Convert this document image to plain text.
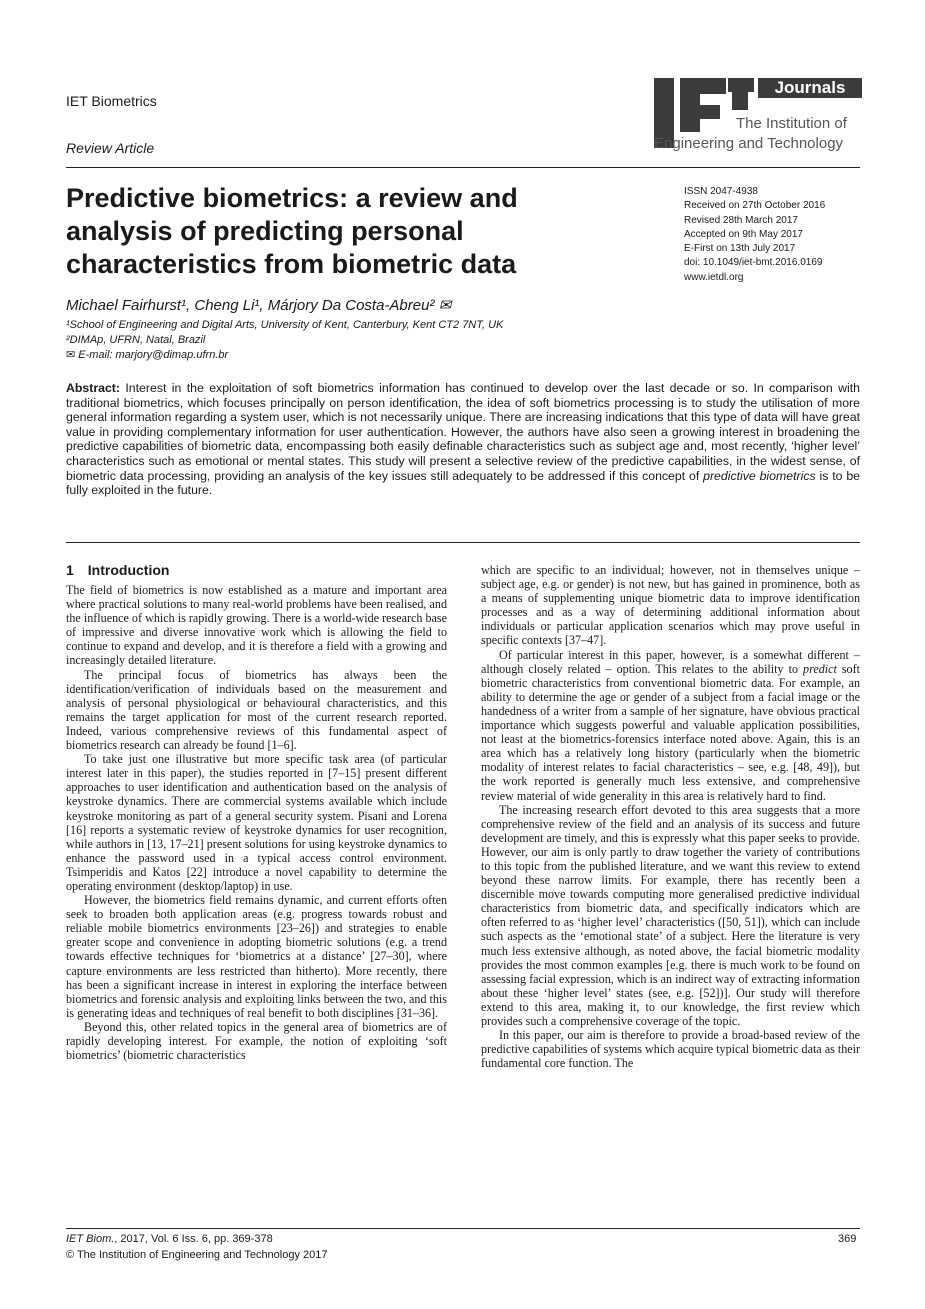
IET Biometrics
Review Article
Journals
The Institution of
Engineering and Technology
Predictive biometrics: a review and analysis of predicting personal characteristics from biometric data
ISSN 2047-4938
Received on 27th October 2016
Revised 28th March 2017
Accepted on 9th May 2017
E-First on 13th July 2017
doi: 10.1049/iet-bmt.2016.0169
www.ietdl.org
Michael Fairhurst¹, Cheng Li¹, Márjory Da Costa-Abreu² ✉
¹School of Engineering and Digital Arts, University of Kent, Canterbury, Kent CT2 7NT, UK
²DIMAp, UFRN, Natal, Brazil
✉ E-mail: marjory@dimap.ufrn.br
Abstract: Interest in the exploitation of soft biometrics information has continued to develop over the last decade or so. In comparison with traditional biometrics, which focuses principally on person identification, the idea of soft biometrics processing is to study the utilisation of more general information regarding a system user, which is not necessarily unique. There are increasing indications that this type of data will have great value in providing complementary information for user authentication. However, the authors have also seen a growing interest in broadening the predictive capabilities of biometric data, encompassing both easily definable characteristics such as subject age and, most recently, ‘higher level’ characteristics such as emotional or mental states. This study will present a selective review of the predictive capabilities, in the widest sense, of biometric data processing, providing an analysis of the key issues still adequately to be addressed if this concept of predictive biometrics is to be fully exploited in the future.
1 Introduction

The field of biometrics is now established as a mature and important area where practical solutions to many real-world problems have been realised, and the influence of which is rapidly growing. There is a world-wide research base of impressive and diverse innovative work which is allowing the field to continue to expand and develop, and it is therefore a field with a growing and increasingly detailed literature.

The principal focus of biometrics has always been the identification/verification of individuals based on the measurement and analysis of personal physiological or behavioural characteristics, and this remains the target application for most of the current research reported. Indeed, various comprehensive reviews of this fundamental aspect of biometrics research can already be found [1–6].

To take just one illustrative but more specific task area (of particular interest later in this paper), the studies reported in [7–15] present different approaches to user identification and authentication based on the analysis of keystroke dynamics. There are commercial systems available which include keystroke monitoring as part of a general security system. Pisani and Lorena [16] reports a systematic review of keystroke dynamics for user recognition, while authors in [13, 17–21] present solutions for using keystroke dynamics to enhance the password used in a typical access control environment. Tsimperidis and Katos [22] introduce a novel capability to determine the operating environment (desktop/laptop) in use.

However, the biometrics field remains dynamic, and current efforts often seek to broaden both application areas (e.g. progress towards robust and reliable mobile biometrics environments [23–26]) and strategies to enable greater scope and convenience in adopting biometric solutions (e.g. a trend towards effective techniques for ‘biometrics at a distance’ [27–30], where capture environments are less restricted than hitherto). More recently, there has been a significant increase in interest in exploring the interface between biometrics and forensic analysis and exploiting links between the two, and this is generating ideas and techniques of real benefit to both disciplines [31–36].

Beyond this, other related topics in the general area of biometrics are of rapidly developing interest. For example, the notion of exploiting ‘soft biometrics’ (biometric characteristics

which are specific to an individual; however, not in themselves unique – subject age, e.g. or gender) is not new, but has gained in prominence, both as a means of supplementing unique biometric data to improve identification processes and as a way of determining additional information about individuals or particular application scenarios which may prove useful in specific contexts [37–47].

Of particular interest in this paper, however, is a somewhat different – although closely related – option. This relates to the ability to predict soft biometric characteristics from conventional biometric data. For example, an ability to determine the age or gender of a subject from a facial image or the handedness of a writer from a sample of her signature, have obvious practical importance which suggests powerful and valuable application possibilities, not least at the biometrics-forensics interface noted above. Again, this is an area which has a relatively long history (particularly when the biometric modality of interest relates to facial characteristics – see, e.g. [48, 49]), but the work reported is generally much less extensive, and comprehensive review material of wide generality in this area is relatively hard to find.

The increasing research effort devoted to this area suggests that a more comprehensive review of the field and an analysis of its success and future development are timely, and this is expressly what this paper seeks to provide. However, our aim is only partly to draw together the variety of contributions to this topic from the published literature, and we want this review to extend beyond these narrow limits. For example, there has recently been a discernible move towards computing more generalised predictive individual characteristics from biometric data, and specifically indicators which are often referred to as ‘higher level’ characteristics ([50, 51]), which can include such aspects as the ‘emotional state’ of a subject. Here the literature is very much less extensive although, as noted above, the facial biometric modality provides the most common examples [e.g. there is much work to be found on assessing facial expression, which is an indirect way of extracting information about these ‘higher level’ states (see, e.g. [52])]. Our study will therefore extend to this area, making it, to our knowledge, the first review which provides such a comprehensive coverage of the topic.

In this paper, our aim is therefore to provide a broad-based review of the predictive capabilities of systems which acquire typical biometric data as their fundamental core function. The

IET Biom., 2017, Vol. 6 Iss. 6, pp. 369-378
© The Institution of Engineering and Technology 2017
369
